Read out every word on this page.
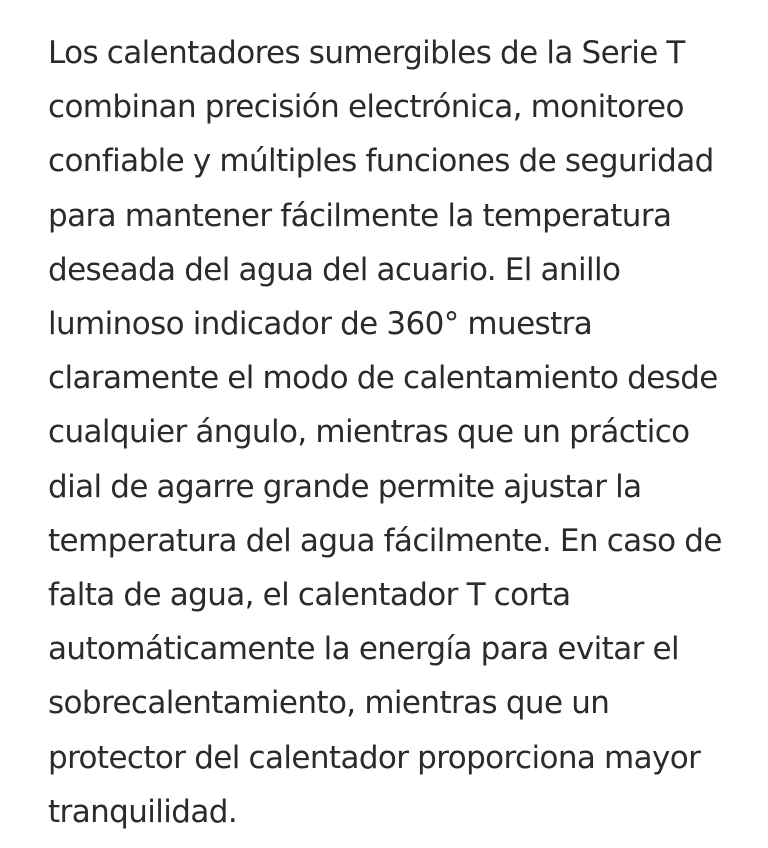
Los calentadores sumergibles de la Serie T
combinan precisión electrónica, monitoreo
confiable y múltiples funciones de seguridad
para mantener fácilmente la temperatura
deseada del agua del acuario. El anillo
luminoso indicador de 360° muestra
claramente el modo de calentamiento desde
cualquier ángulo, mientras que un práctico
dial de agarre grande permite ajustar la
temperatura del agua fácilmente. En caso de
falta de agua, el calentador T corta
automáticamente la energía para evitar el
sobrecalentamiento, mientras que un
protector del calentador proporciona mayor
tranquilidad.
